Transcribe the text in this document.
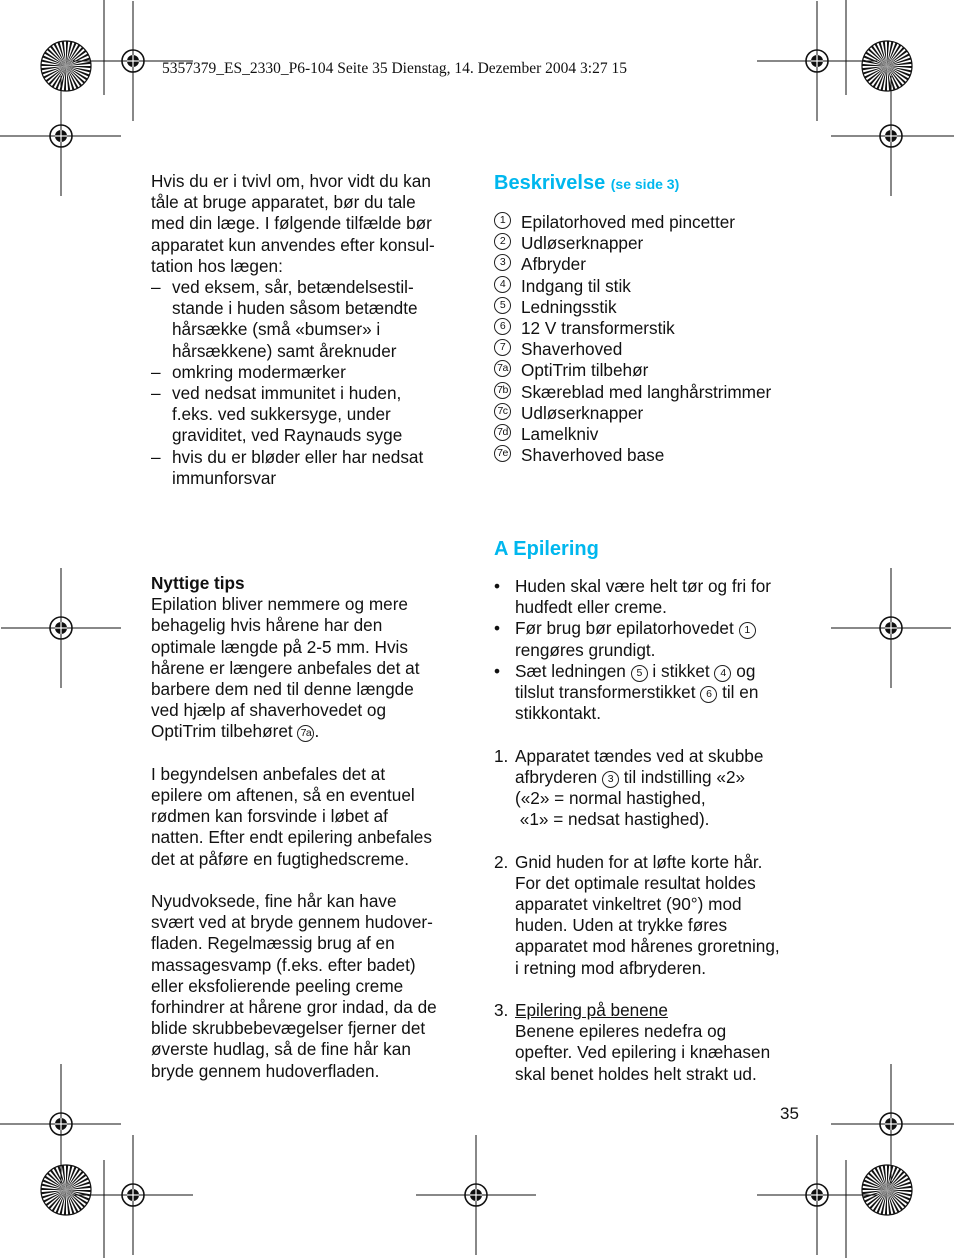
5357379_ES_2330_P6-104 Seite 35 Dienstag, 14. Dezember 2004 3:27 15

Hvis du er i tvivl om, hvor vidt du kan

tåle at bruge apparatet, bør du tale

med din læge. I følgende tilfælde bør

apparatet kun anvendes efter konsul-

tation hos lægen:

– ved eksem, sår, betændelsestil-
stande i huden såsom betændte
hårsække (små «bumser» i
hårsækkene) samt åreknuder
– omkring modermærker
– ved nedsat immunitet i huden,
f.eks. ved sukkersyge, under
graviditet, ved Raynauds syge
– hvis du er bløder eller har nedsat
immunforsvar

Nyttige tips

Epilation bliver nemmere og mere

behagelig hvis hårene har den

optimale længde på 2-5 mm. Hvis

hårene er længere anbefales det at

barbere dem ned til denne længde

ved hjælp af shaverhovedet og

OptiTrim tilbehøret 7a .

I begyndelsen anbefales det at

epilere om aftenen, så en eventuel

rødmen kan forsvinde i løbet af

natten. Efter endt epilering anbefales

det at påføre en fugtighedscreme.

Nyudvoksede, fine hår kan have

svært ved at bryde gennem hudover-

fladen. Regelmæssig brug af en

massagesvamp (f.eks. efter badet)

eller eksfolierende peeling creme

forhindrer at hårene gror indad, da de

blide skrubbebevægelser fjerner det

øverste hudlag, så de fine hår kan

bryde gennem hudoverfladen.

Beskrivelse (se side 3)

1 Epilatorhoved med pincetter
2 Udløserknapper
3 Afbryder
4 Indgang til stik
5 Ledningsstik
6 12 V transformerstik
7 Shaverhoved
7a OptiTrim tilbehør
7b Skæreblad med langhårstrimmer
7c Udløserknapper
7d Lamelkniv
7e Shaverhoved base

A Epilering

• Huden skal være helt tør og fri for
hudfedt eller creme.
• Før brug bør epilatorhovedet 1
rengøres grundigt.
• Sæt ledningen 5 i stikket 4 og
tilslut transformerstikket 6 til en
stikkontakt.
1. Apparatet tændes ved at skubbe
afbryderen 3 til indstilling «2»
(«2» = normal hastighed,
«1» = nedsat hastighed).
2. Gnid huden for at løfte korte hår.
For det optimale resultat holdes
apparatet vinkeltret (90°) mod
huden. Uden at trykke føres
apparatet mod hårenes groretning,
i retning mod afbryderen.
3. Epilering på benene
Benene epileres nedefra og
opefter. Ved epilering i knæhasen
skal benet holdes helt strakt ud.
35
